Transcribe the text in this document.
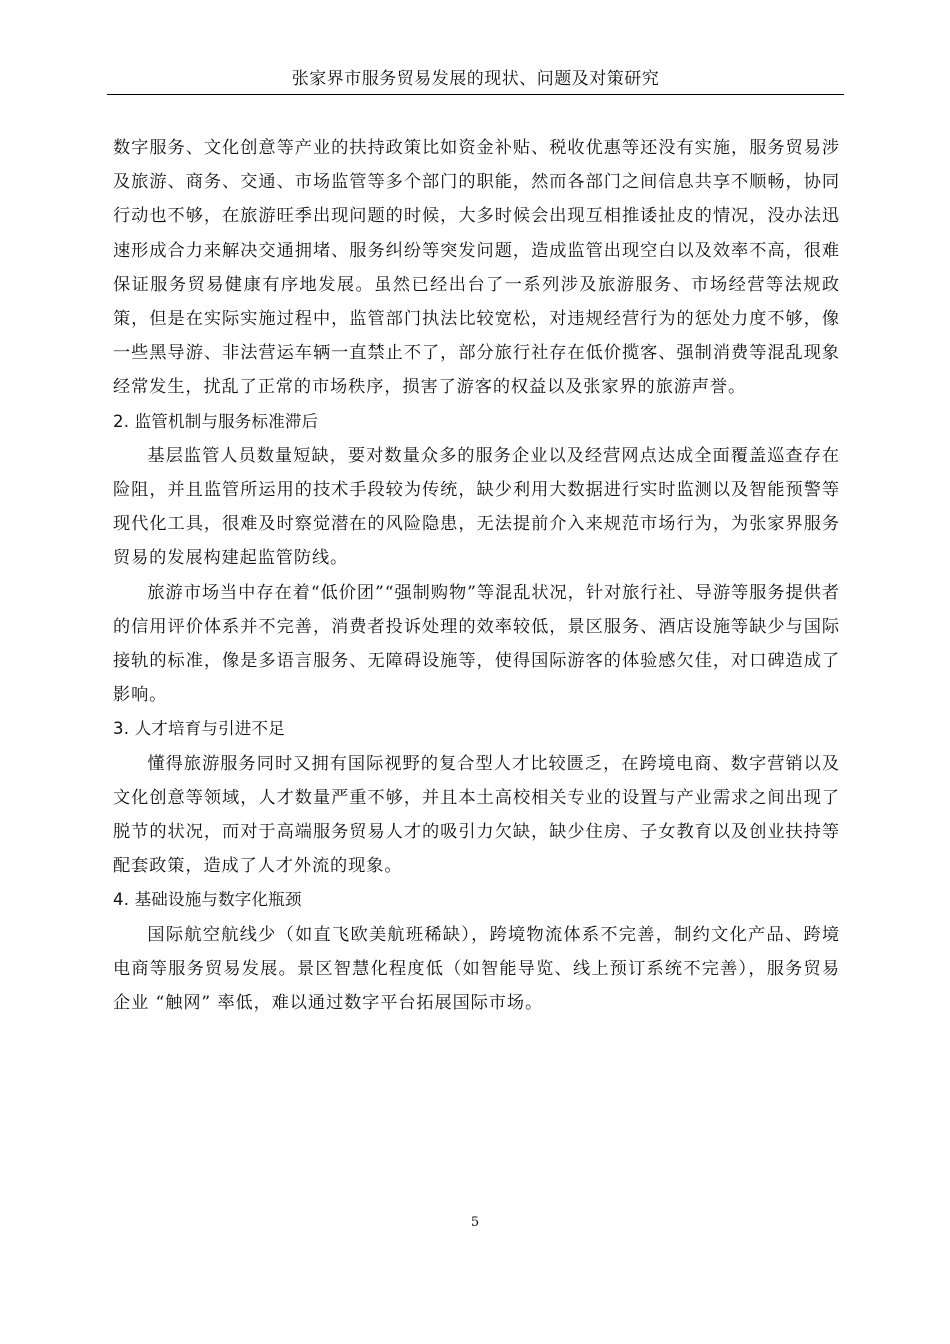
张家界市服务贸易发展的现状、问题及对策研究

数字服务、文化创意等产业的扶持政策比如资金补贴、税收优惠等还没有实施，服务贸易涉及旅游、商务、交通、市场监管等多个部门的职能，然而各部门之间信息共享不顺畅，协同行动也不够，在旅游旺季出现问题的时候，大多时候会出现互相推诿扯皮的情况，没办法迅速形成合力来解决交通拥堵、服务纠纷等突发问题，造成监管出现空白以及效率不高，很难保证服务贸易健康有序地发展。虽然已经出台了一系列涉及旅游服务、市场经营等法规政策，但是在实际实施过程中，监管部门执法比较宽松，对违规经营行为的惩处力度不够，像一些黑导游、非法营运车辆一直禁止不了，部分旅行社存在低价揽客、强制消费等混乱现象经常发生，扰乱了正常的市场秩序，损害了游客的权益以及张家界的旅游声誉。

2. 监管机制与服务标准滞后

基层监管人员数量短缺，要对数量众多的服务企业以及经营网点达成全面覆盖巡查存在险阻，并且监管所运用的技术手段较为传统，缺少利用大数据进行实时监测以及智能预警等现代化工具，很难及时察觉潜在的风险隐患，无法提前介入来规范市场行为，为张家界服务贸易的发展构建起监管防线。

旅游市场当中存在着“低价团”“强制购物”等混乱状况，针对旅行社、导游等服务提供者的信用评价体系并不完善，消费者投诉处理的效率较低，景区服务、酒店设施等缺少与国际接轨的标准，像是多语言服务、无障碍设施等，使得国际游客的体验感欠佳，对口碑造成了影响。

3. 人才培育与引进不足

懂得旅游服务同时又拥有国际视野的复合型人才比较匮乏，在跨境电商、数字营销以及文化创意等领域，人才数量严重不够，并且本土高校相关专业的设置与产业需求之间出现了脱节的状况，而对于高端服务贸易人才的吸引力欠缺，缺少住房、子女教育以及创业扶持等配套政策，造成了人才外流的现象。

4. 基础设施与数字化瓶颈

国际航空航线少（如直飞欧美航班稀缺），跨境物流体系不完善，制约文化产品、跨境电商等服务贸易发展。景区智慧化程度低（如智能导览、线上预订系统不完善），服务贸易企业 “触网” 率低，难以通过数字平台拓展国际市场。

5
